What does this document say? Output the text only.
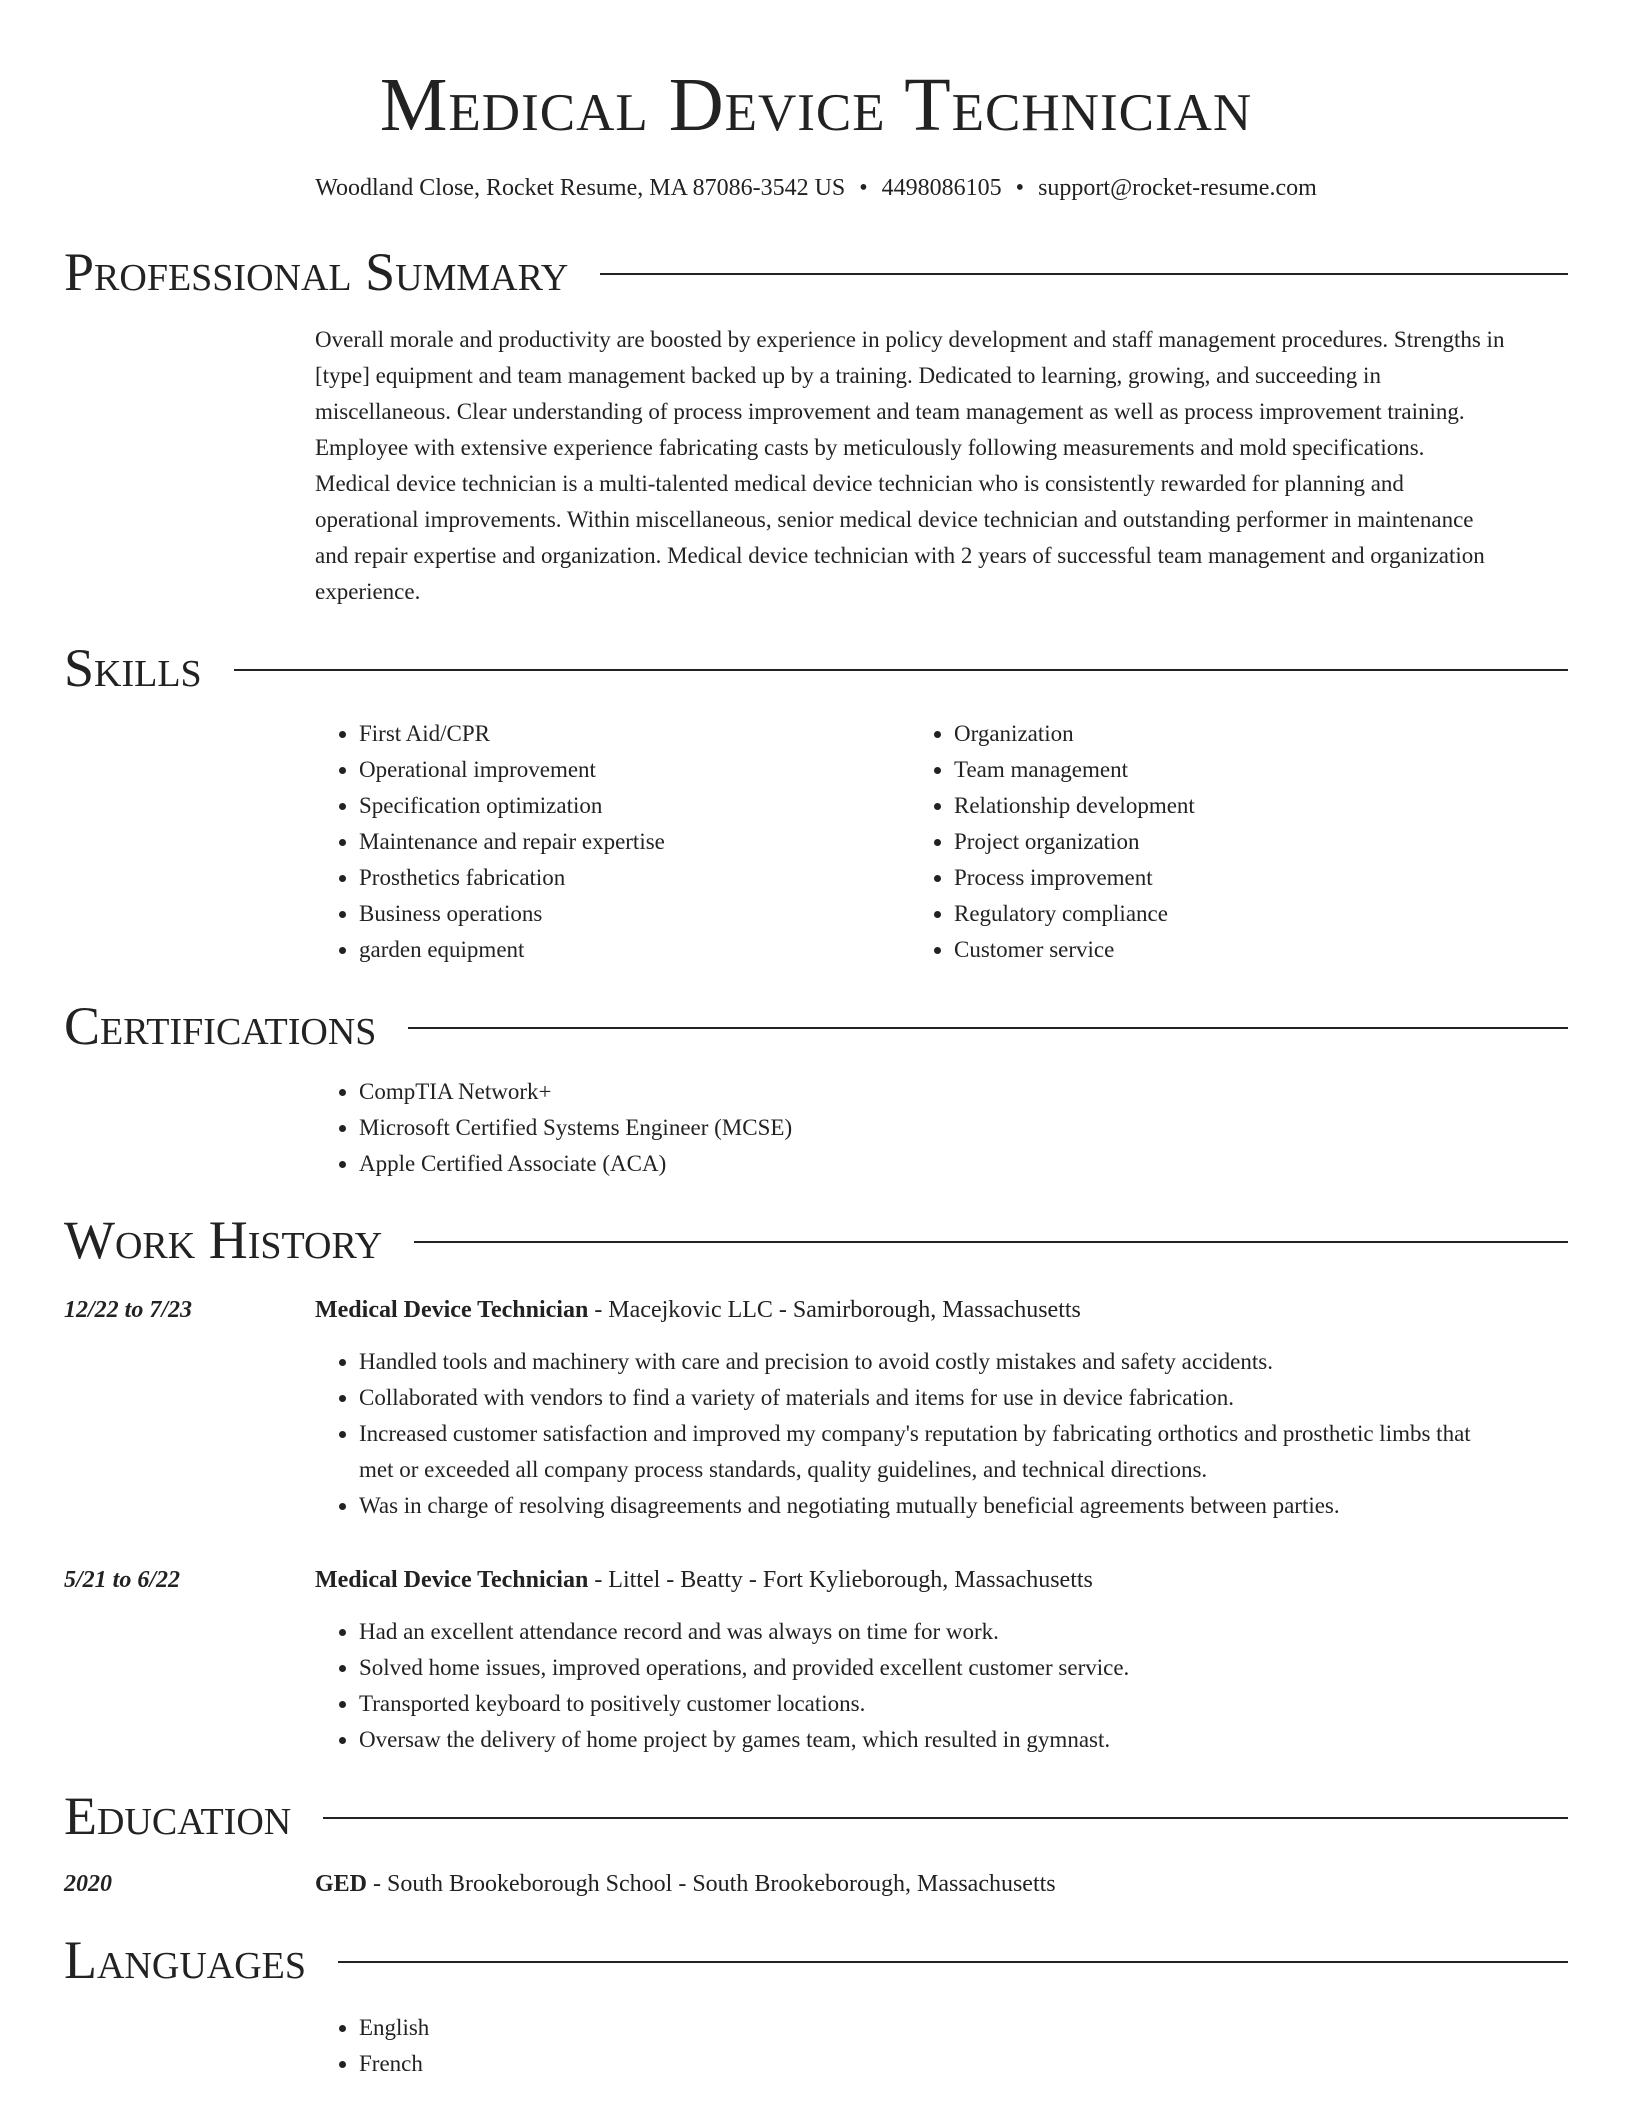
Medical Device Technician
Woodland Close, Rocket Resume, MA 87086-3542 US • 4498086105 • support@rocket-resume.com
Professional Summary
Overall morale and productivity are boosted by experience in policy development and staff management procedures. Strengths in [type] equipment and team management backed up by a training. Dedicated to learning, growing, and succeeding in miscellaneous. Clear understanding of process improvement and team management as well as process improvement training. Employee with extensive experience fabricating casts by meticulously following measurements and mold specifications. Medical device technician is a multi-talented medical device technician who is consistently rewarded for planning and operational improvements. Within miscellaneous, senior medical device technician and outstanding performer in maintenance and repair expertise and organization. Medical device technician with 2 years of successful team management and organization experience.
Skills
• First Aid/CPR
• Operational improvement
• Specification optimization
• Maintenance and repair expertise
• Prosthetics fabrication
• Business operations
• garden equipment
• Organization
• Team management
• Relationship development
• Project organization
• Process improvement
• Regulatory compliance
• Customer service
Certifications
• CompTIA Network+
• Microsoft Certified Systems Engineer (MCSE)
• Apple Certified Associate (ACA)
Work History
12/22 to 7/23	Medical Device Technician - Macejkovic LLC - Samirborough, Massachusetts
• Handled tools and machinery with care and precision to avoid costly mistakes and safety accidents.
• Collaborated with vendors to find a variety of materials and items for use in device fabrication.
• Increased customer satisfaction and improved my company's reputation by fabricating orthotics and prosthetic limbs that met or exceeded all company process standards, quality guidelines, and technical directions.
• Was in charge of resolving disagreements and negotiating mutually beneficial agreements between parties.
5/21 to 6/22	Medical Device Technician - Littel - Beatty - Fort Kylieborough, Massachusetts
• Had an excellent attendance record and was always on time for work.
• Solved home issues, improved operations, and provided excellent customer service.
• Transported keyboard to positively customer locations.
• Oversaw the delivery of home project by games team, which resulted in gymnast.
Education
2020	GED - South Brookeborough School - South Brookeborough, Massachusetts
Languages
• English
• French
